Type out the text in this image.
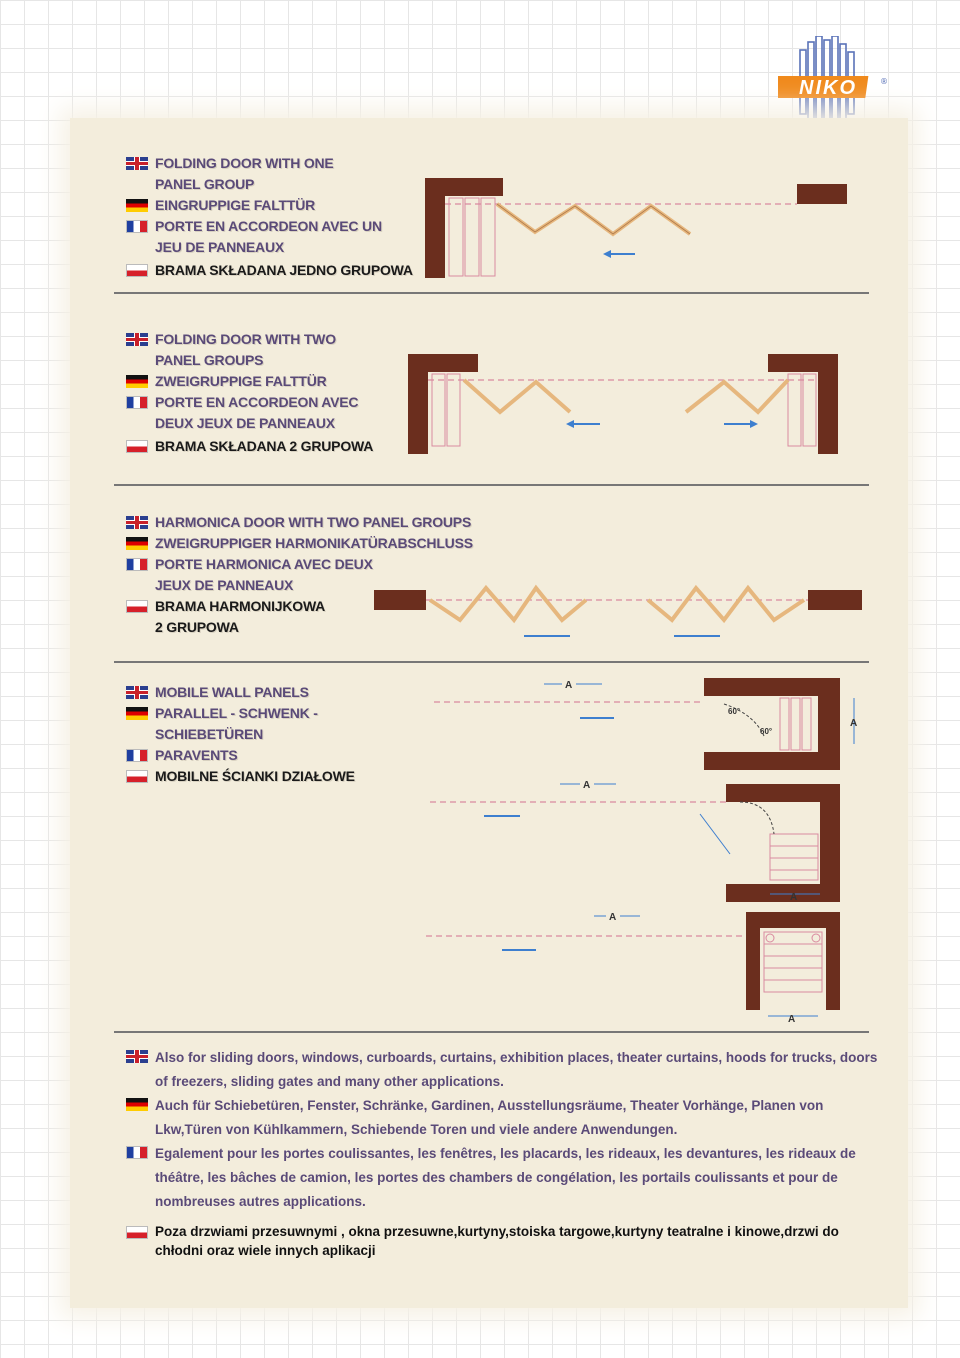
NIKO	®
FOLDING DOOR WITH ONE
PANEL GROUP
EINGRUPPIGE FALTTÜR
PORTE EN ACCORDEON AVEC UN
JEU DE PANNEAUX
BRAMA SKŁADANA JEDNO GRUPOWA
FOLDING DOOR WITH TWO
PANEL GROUPS
ZWEIGRUPPIGE FALTTÜR
PORTE EN ACCORDEON AVEC
DEUX JEUX DE PANNEAUX
BRAMA SKŁADANA 2 GRUPOWA
HARMONICA DOOR WITH TWO PANEL GROUPS
ZWEIGRUPPIGER HARMONIKATÜRABSCHLUSS
PORTE HARMONICA AVEC DEUX
JEUX DE PANNEAUX
BRAMA HARMONIJKOWA
2 GRUPOWA
MOBILE WALL PANELS
PARALLEL - SCHWENK -
SCHIEBETÜREN
PARAVENTS
MOBILNE ŚCIANKI DZIAŁOWE
60°
60°
A
A
A
A
A
A
Also for sliding doors, windows, curboards, curtains, exhibition places, theater curtains, hoods for trucks, doors of freezers, sliding gates and many other applications.
Auch für Schiebetüren, Fenster, Schränke, Gardinen, Ausstellungsräume, Theater Vorhänge, Planen von Lkw,Türen von Kühlkammern, Schiebende Toren und viele andere Anwendungen.
Egalement pour les portes coulissantes, les fenêtres, les placards, les rideaux, les devantures, les rideaux de théâtre, les bâches de camion, les portes des chambers de congélation, les portails coulissants et pour de nombreuses autres applications.
Poza drzwiami przesuwnymi , okna przesuwne,kurtyny,stoiska targowe,kurtyny teatralne i kinowe,drzwi do chłodni oraz wiele innych aplikacji
